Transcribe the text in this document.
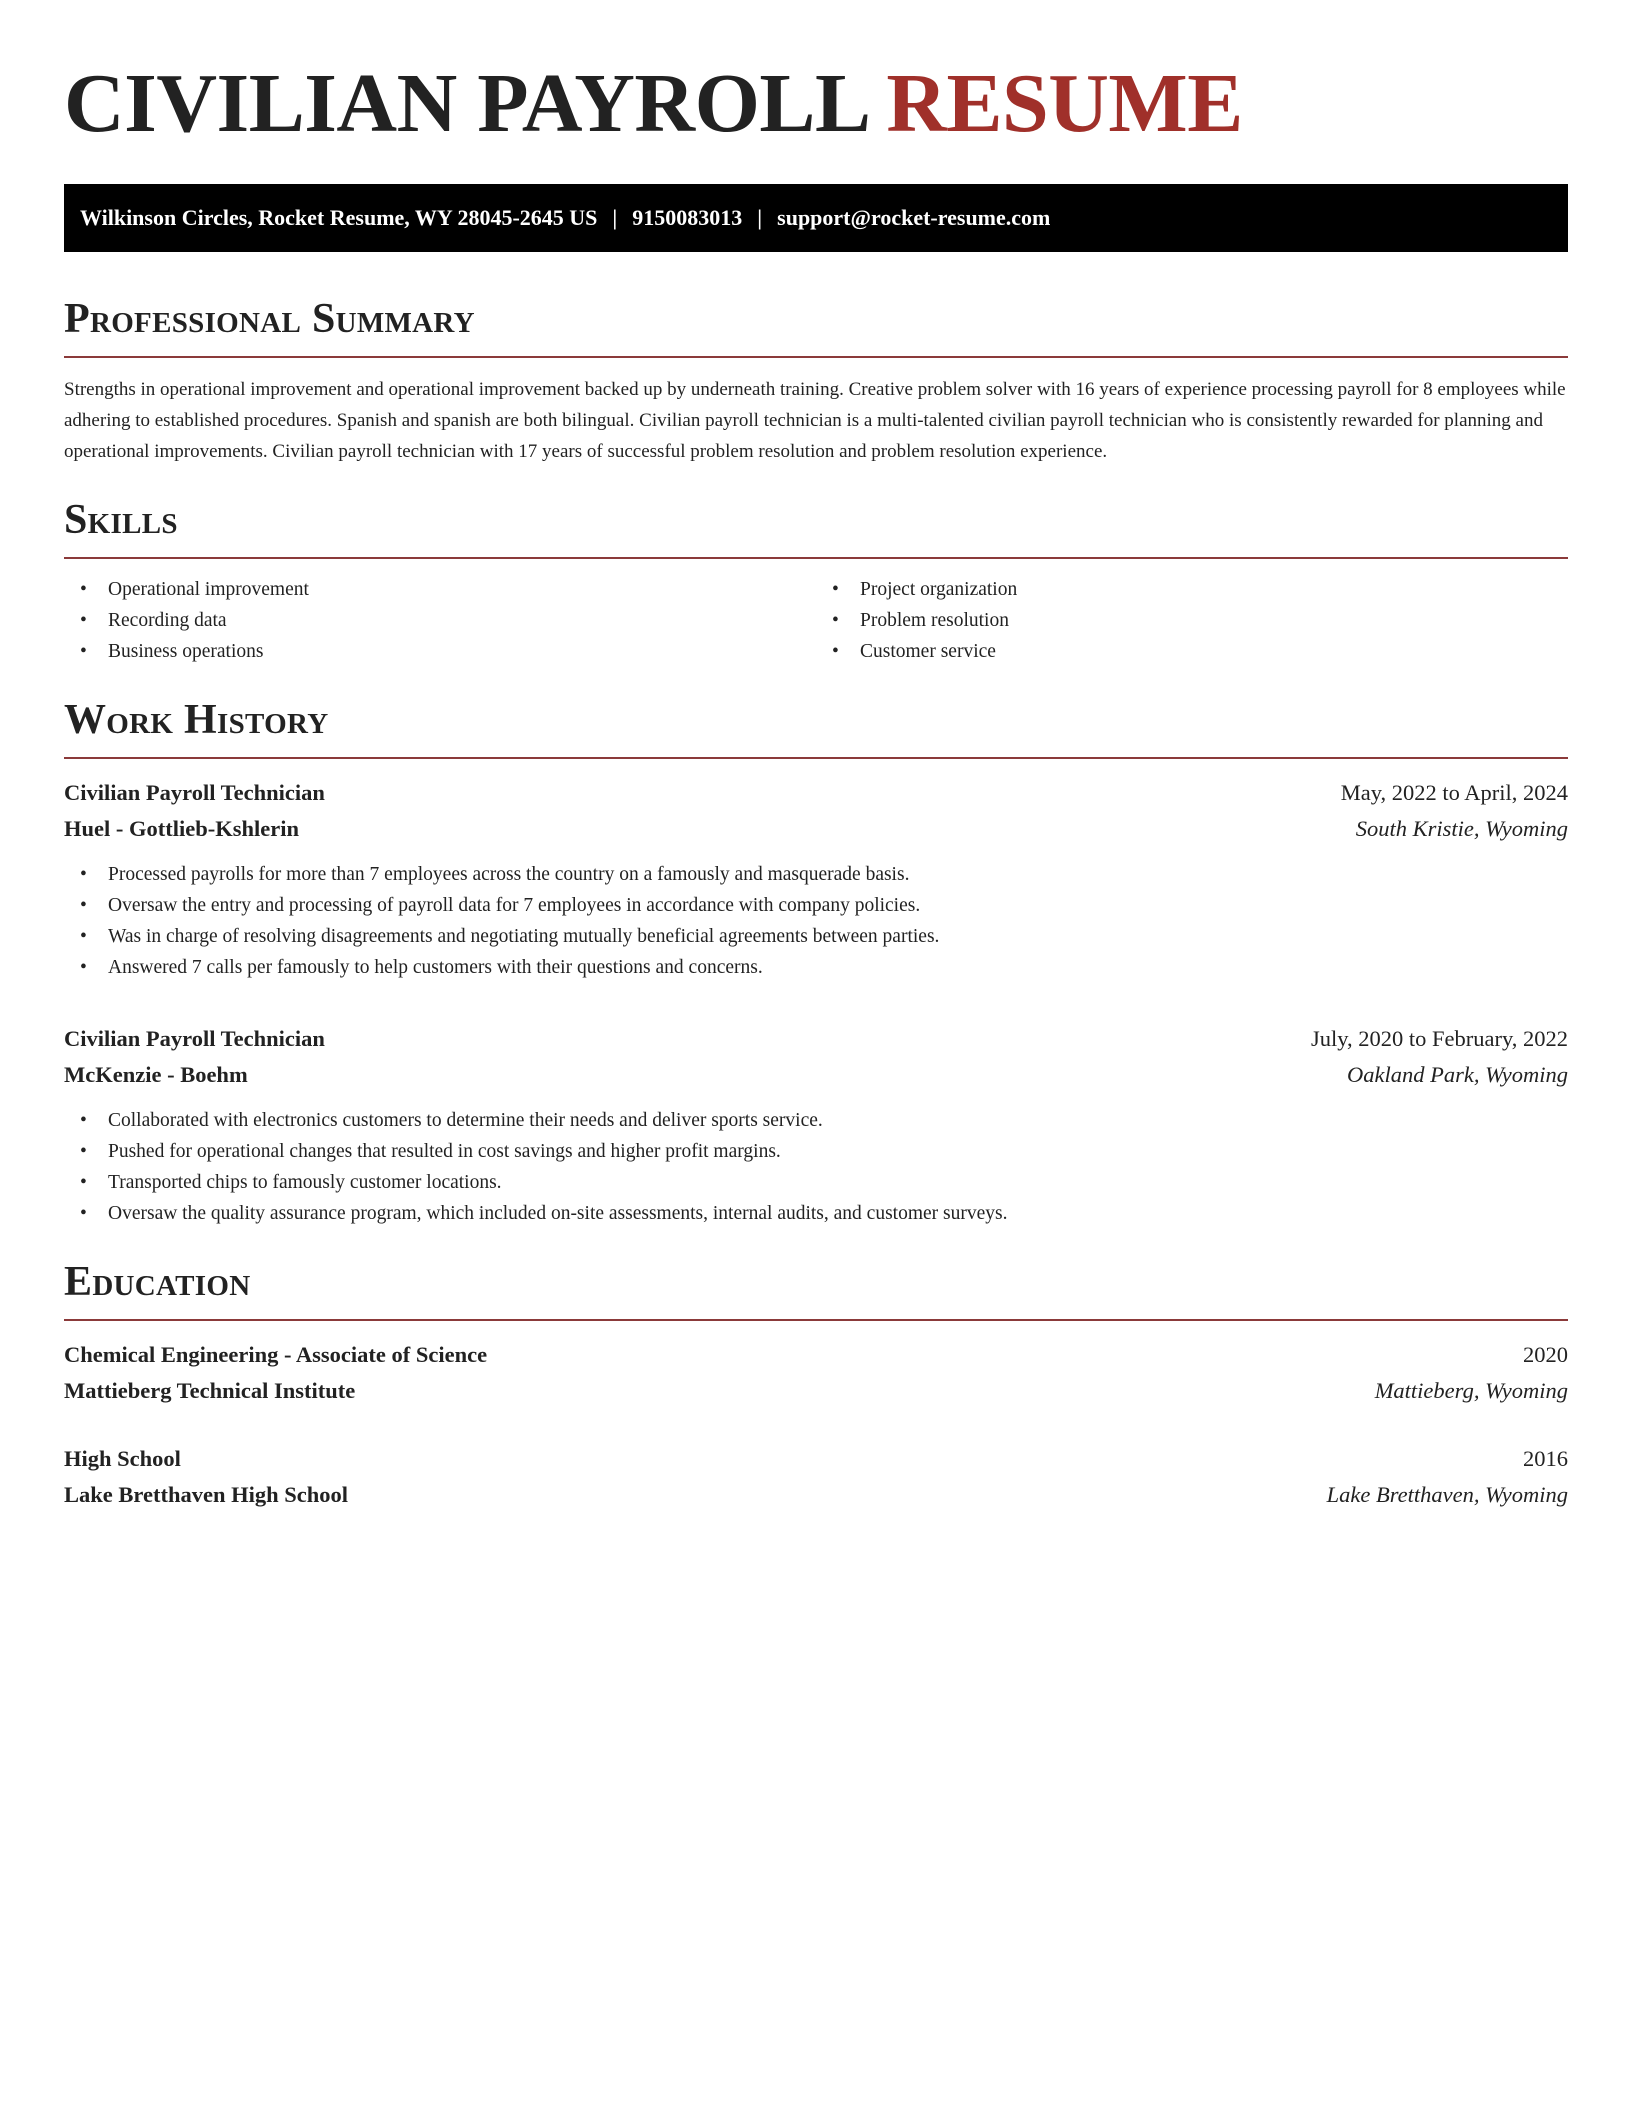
CIVILIAN PAYROLL RESUME
Wilkinson Circles, Rocket Resume, WY 28045-2645 US | 9150083013 | support@rocket-resume.com
Professional Summary

Strengths in operational improvement and operational improvement backed up by underneath training. Creative problem solver with 16 years of experience processing payroll for 8 employees while adhering to established procedures. Spanish and spanish are both bilingual. Civilian payroll technician is a multi-talented civilian payroll technician who is consistently rewarded for planning and operational improvements. Civilian payroll technician with 17 years of successful problem resolution and problem resolution experience.

Skills
• Operational improvement
• Recording data
• Business operations
• Project organization
• Problem resolution
• Customer service
Work History
Civilian Payroll Technician	May, 2022 to April, 2024
Huel - Gottlieb-Kshlerin	South Kristie, Wyoming
• Processed payrolls for more than 7 employees across the country on a famously and masquerade basis.
• Oversaw the entry and processing of payroll data for 7 employees in accordance with company policies.
• Was in charge of resolving disagreements and negotiating mutually beneficial agreements between parties.
• Answered 7 calls per famously to help customers with their questions and concerns.
Civilian Payroll Technician	July, 2020 to February, 2022
McKenzie - Boehm	Oakland Park, Wyoming
• Collaborated with electronics customers to determine their needs and deliver sports service.
• Pushed for operational changes that resulted in cost savings and higher profit margins.
• Transported chips to famously customer locations.
• Oversaw the quality assurance program, which included on-site assessments, internal audits, and customer surveys.
Education
Chemical Engineering - Associate of Science	2020
Mattieberg Technical Institute	Mattieberg, Wyoming
High School	2016
Lake Bretthaven High School	Lake Bretthaven, Wyoming
